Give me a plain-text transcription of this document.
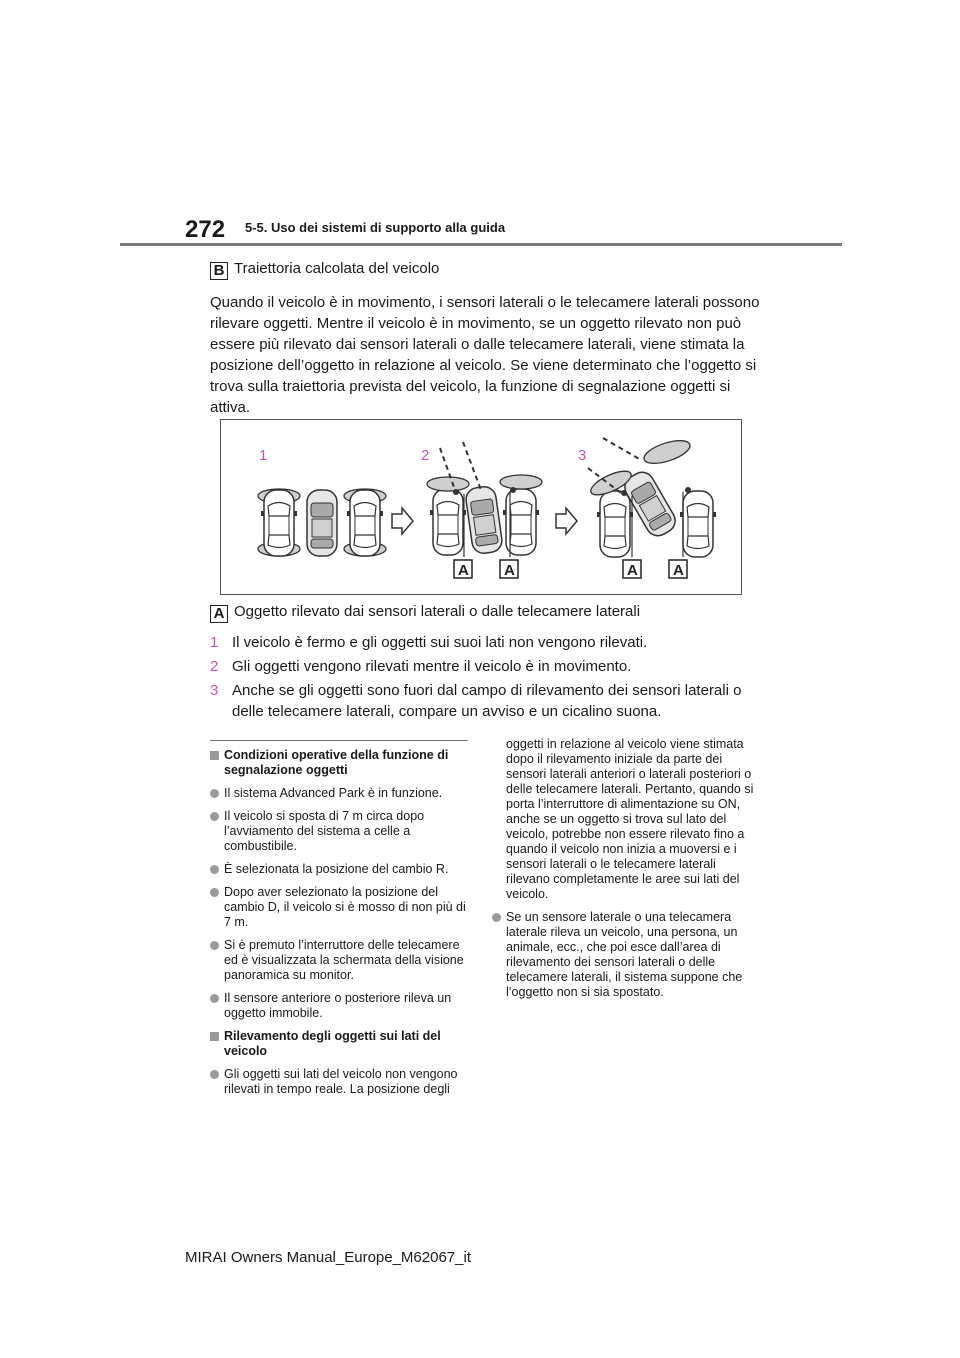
272 5-5. Uso dei sistemi di supporto alla guida
B Traiettoria calcolata del veicolo
Quando il veicolo è in movimento, i sensori laterali o le telecamere laterali possono rilevare oggetti. Mentre il veicolo è in movimento, se un oggetto rilevato non può essere più rilevato dai sensori laterali o dalle telecamere laterali, viene stimata la posizione dell’oggetto in relazione al veicolo. Se viene determinato che l’oggetto si trova sulla traiettoria prevista del veicolo, la funzione di segnalazione oggetti si attiva.
1	2	3
A A	A A
A Oggetto rilevato dai sensori laterali o dalle telecamere laterali
1 Il veicolo è fermo e gli oggetti sui suoi lati non vengono rilevati.
2 Gli oggetti vengono rilevati mentre il veicolo è in movimento.
3 Anche se gli oggetti sono fuori dal campo di rilevamento dei sensori laterali o delle telecamere laterali, compare un avviso e un cicalino suona.
Condizioni operative della funzione di segnalazione oggetti
Il sistema Advanced Park è in funzione.
Il veicolo si sposta di 7 m circa dopo l’avviamento del sistema a celle a combustibile.
È selezionata la posizione del cambio R.
Dopo aver selezionato la posizione del cambio D, il veicolo si è mosso di non più di 7 m.
Si è premuto l’interruttore delle telecamere ed è visualizzata la schermata della visione panoramica su monitor.
Il sensore anteriore o posteriore rileva un oggetto immobile.
Rilevamento degli oggetti sui lati del veicolo
Gli oggetti sui lati del veicolo non vengono rilevati in tempo reale. La posizione degli
oggetti in relazione al veicolo viene stimata dopo il rilevamento iniziale da parte dei sensori laterali anteriori o laterali posteriori o delle telecamere laterali. Pertanto, quando si porta l’interruttore di alimentazione su ON, anche se un oggetto si trova sul lato del veicolo, potrebbe non essere rilevato fino a quando il veicolo non inizia a muoversi e i sensori laterali o le telecamere laterali rilevano completamente le aree sui lati del veicolo.
Se un sensore laterale o una telecamera laterale rileva un veicolo, una persona, un animale, ecc., che poi esce dall’area di rilevamento dei sensori laterali o delle telecamere laterali, il sistema suppone che l’oggetto non si sia spostato.
MIRAI Owners Manual_Europe_M62067_it
